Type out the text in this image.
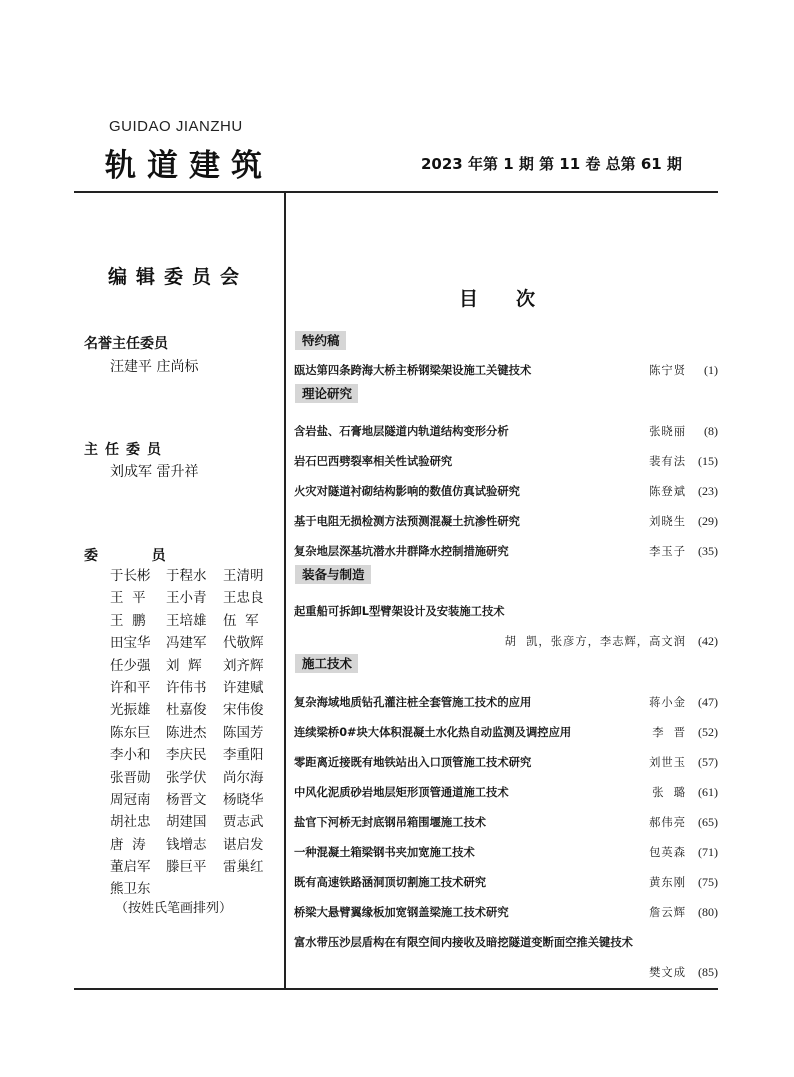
GUIDAO JIANZHU
轨道建筑	2023 年第 1 期 第 11 卷 总第 61 期
编辑委员会
名誉主任委员
汪建平 庄尚标
主任委员
刘成军 雷升祥
委           员
于长彬	于程水	王清明
王  平	王小青	王忠良
王  鹏	王培雄	伍  军
田宝华	冯建军	代敬辉
任少强	刘  辉	刘齐辉
许和平	许伟书	许建赋
光振雄	杜嘉俊	宋伟俊
陈东巨	陈进杰	陈国芳
李小和	李庆民	李重阳
张晋勋	张学伏	尚尔海
周冠南	杨晋文	杨晓华
胡社忠	胡建国	贾志武
唐  涛	钱增志	谌启发
董启军	滕巨平	雷巢红
熊卫东
（按姓氏笔画排列）
目次
特约稿
瓯达第四条跨海大桥主桥钢梁架设施工关键技术	陈宁贤 (1)
理论研究
含岩盐、石膏地层隧道内轨道结构变形分析	张晓丽 (8)
岩石巴西劈裂率相关性试验研究	裴有法 (15)
火灾对隧道衬砌结构影响的数值仿真试验研究	陈登斌 (23)
基于电阻无损检测方法预测混凝土抗渗性研究	刘晓生 (29)
复杂地层深基坑潜水井群降水控制措施研究	李玉子 (35)
装备与制造
起重船可拆卸L型臂架设计及安装施工技术
胡  凯，张彦方，李志辉，高文润 (42)
施工技术
复杂海域地质钻孔灌注桩全套管施工技术的应用	蒋小金 (47)
连续梁桥0#块大体积混凝土水化热自动监测及调控应用	李  晋 (52)
零距离近接既有地铁站出入口顶管施工技术研究	刘世玉 (57)
中风化泥质砂岩地层矩形顶管通道施工技术	张  璐 (61)
盐官下河桥无封底钢吊箱围堰施工技术	郝伟亮 (65)
一种混凝土箱梁钢书夹加宽施工技术	包英森 (71)
既有高速铁路涵洞顶切割施工技术研究	黄东刚 (75)
桥梁大悬臂翼缘板加宽钢盖梁施工技术研究	詹云辉 (80)
富水带压沙层盾构在有限空间内接收及暗挖隧道变断面空推关键技术
樊文成 (85)
